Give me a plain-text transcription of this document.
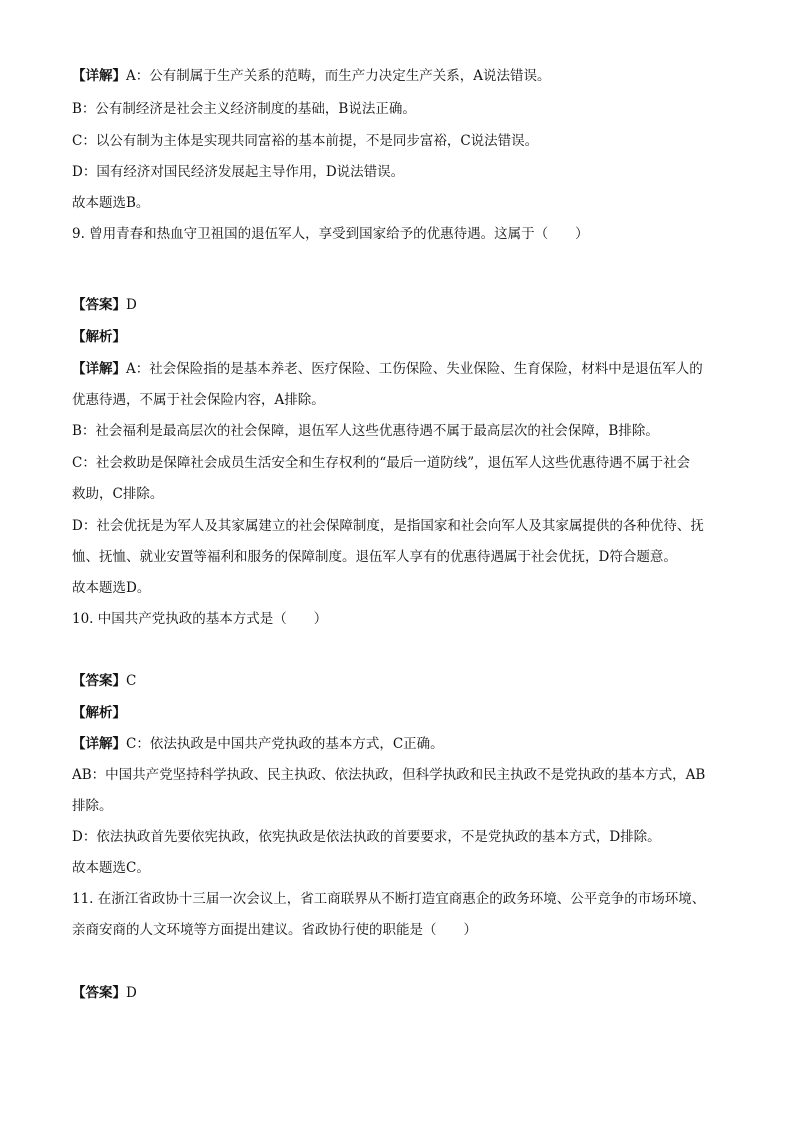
【详解】A：公有制属于生产关系的范畴，而生产力决定生产关系，A说法错误。
B：公有制经济是社会主义经济制度的基础，B说法正确。
C：以公有制为主体是实现共同富裕的基本前提，不是同步富裕，C说法错误。
D：国有经济对国民经济发展起主导作用，D说法错误。
故本题选B。
9. 曾用青春和热血守卫祖国的退伍军人，享受到国家给予的优惠待遇。这属于（　　）
【答案】D
【解析】
【详解】A：社会保险指的是基本养老、医疗保险、工伤保险、失业保险、生育保险，材料中是退伍军人的
优惠待遇，不属于社会保险内容，A排除。
B：社会福利是最高层次的社会保障，退伍军人这些优惠待遇不属于最高层次的社会保障，B排除。
C：社会救助是保障社会成员生活安全和生存权利的“最后一道防线”，退伍军人这些优惠待遇不属于社会
救助，C排除。
D：社会优抚是为军人及其家属建立的社会保障制度，是指国家和社会向军人及其家属提供的各种优待、抚
恤、抚恤、就业安置等福利和服务的保障制度。退伍军人享有的优惠待遇属于社会优抚，D符合题意。
故本题选D。
10. 中国共产党执政的基本方式是（　　）
【答案】C
【解析】
【详解】C：依法执政是中国共产党执政的基本方式，C正确。
AB：中国共产党坚持科学执政、民主执政、依法执政，但科学执政和民主执政不是党执政的基本方式，AB
排除。
D：依法执政首先要依宪执政，依宪执政是依法执政的首要要求，不是党执政的基本方式，D排除。
故本题选C。
11. 在浙江省政协十三届一次会议上，省工商联界从不断打造宜商惠企的政务环境、公平竞争的市场环境、
亲商安商的人文环境等方面提出建议。省政协行使的职能是（　　）
【答案】D
